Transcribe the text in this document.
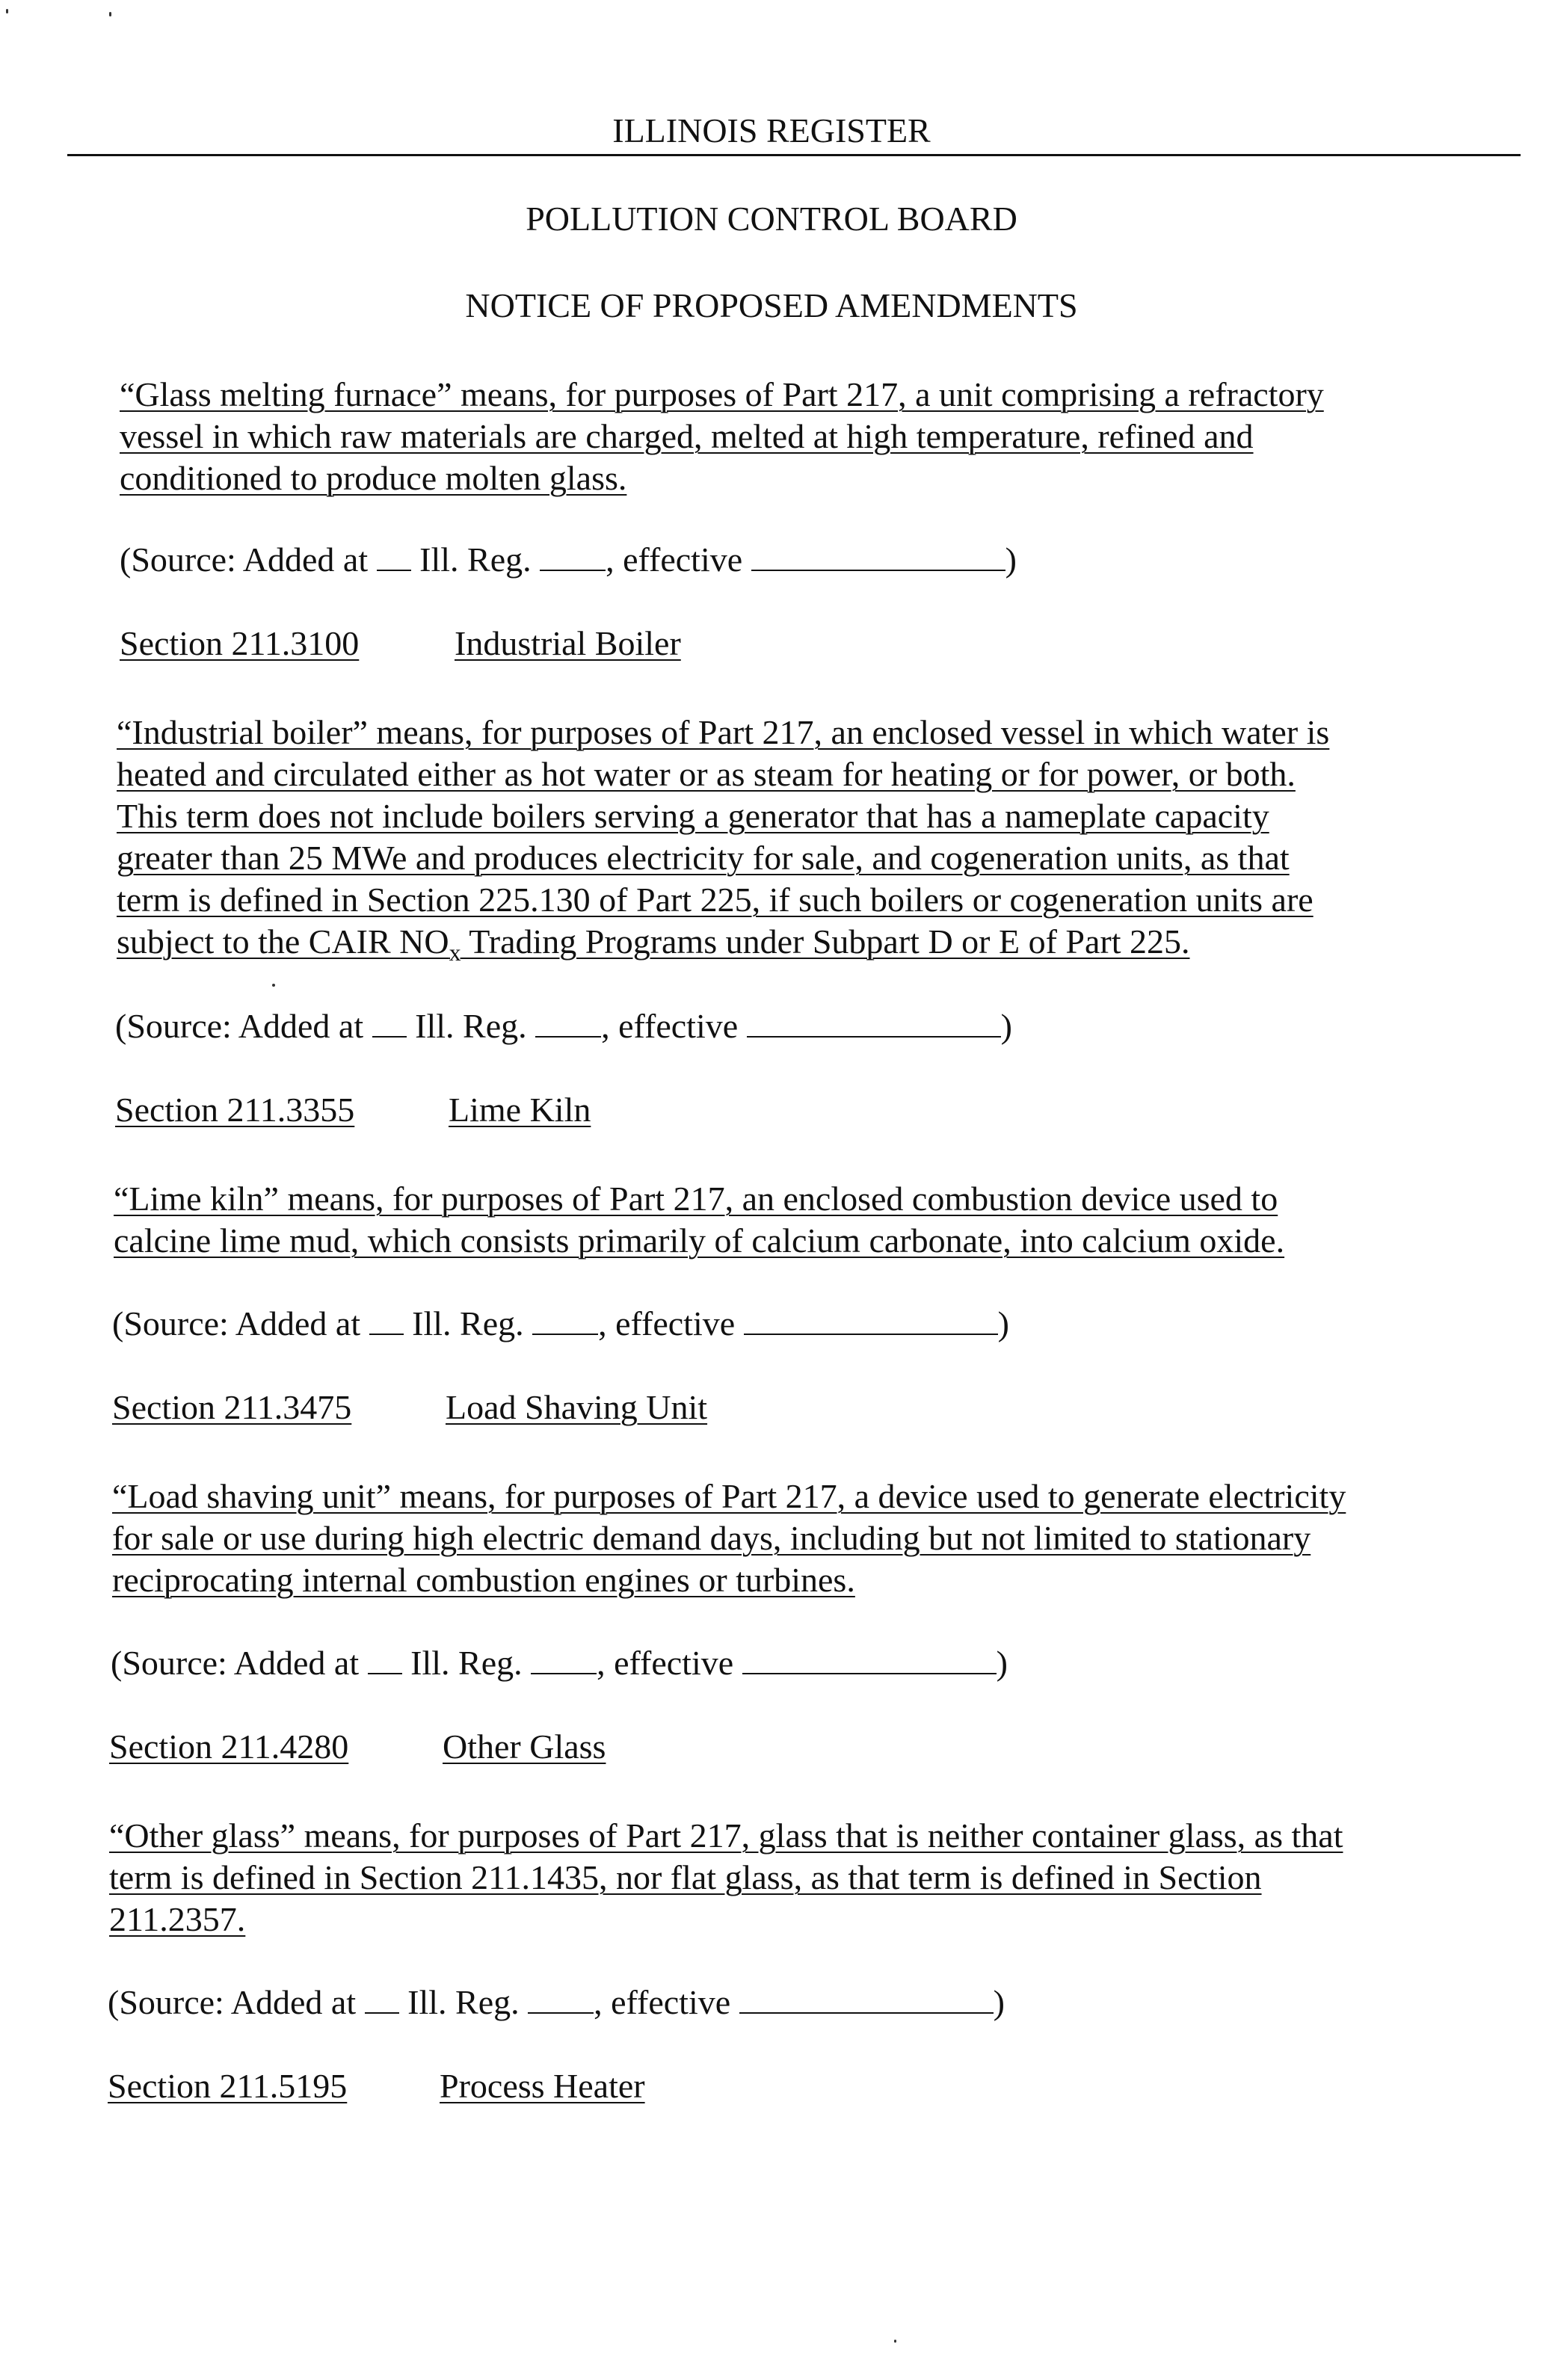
ILLINOIS REGISTER
POLLUTION CONTROL BOARD
NOTICE OF PROPOSED AMENDMENTS
“Glass melting furnace” means, for purposes of Part 217, a unit comprising a refractory
vessel in which raw materials are charged, melted at high temperature, refined and
conditioned to produce molten glass.
(Source: Added at Ill. Reg. , effective	)
Section 211.3100	Industrial Boiler
“Industrial boiler” means, for purposes of Part 217, an enclosed vessel in which water is
heated and circulated either as hot water or as steam for heating or for power, or both.
This term does not include boilers serving a generator that has a nameplate capacity
greater than 25 MWe and produces electricity for sale, and cogeneration units, as that
term is defined in Section 225.130 of Part 225, if such boilers or cogeneration units are
subject to the CAIR $NO_x$ Trading Programs under Subpart D or E of Part 225.
(Source: Added at Ill. Reg. , effective	)
Section 211.3355	Lime Kiln
“Lime kiln” means, for purposes of Part 217, an enclosed combustion device used to
calcine lime mud, which consists primarily of calcium carbonate, into calcium oxide.
(Source: Added at Ill. Reg. , effective	)
Section 211.3475	Load Shaving Unit
“Load shaving unit” means, for purposes of Part 217, a device used to generate electricity
for sale or use during high electric demand days, including but not limited to stationary
reciprocating internal combustion engines or turbines.
(Source: Added at Ill. Reg. , effective	)
Section 211.4280	Other Glass
“Other glass” means, for purposes of Part 217, glass that is neither container glass, as that
term is defined in Section 211.1435, nor flat glass, as that term is defined in Section
211.2357.
(Source: Added at Ill. Reg. , effective	)
Section 211.5195	Process Heater
